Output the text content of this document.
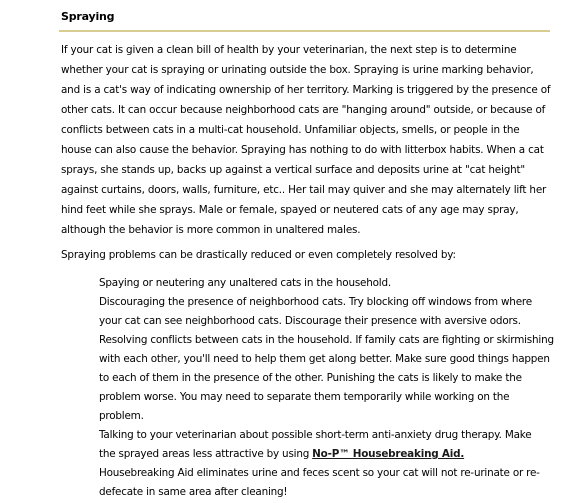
Spraying

If your cat is given a clean bill of health by your veterinarian, the next step is to determine whether your cat is spraying or urinating outside the box. Spraying is urine marking behavior, and is a cat's way of indicating ownership of her territory. Marking is triggered by the presence of other cats. It can occur because neighborhood cats are "hanging around" outside, or because of conflicts between cats in a multi-cat household. Unfamiliar objects, smells, or people in the house can also cause the behavior. Spraying has nothing to do with litterbox habits. When a cat sprays, she stands up, backs up against a vertical surface and deposits urine at "cat height" against curtains, doors, walls, furniture, etc.. Her tail may quiver and she may alternately lift her hind feet while she sprays. Male or female, spayed or neutered cats of any age may spray, although the behavior is more common in unaltered males.

Spraying problems can be drastically reduced or even completely resolved by:

Spaying or neutering any unaltered cats in the household.

Discouraging the presence of neighborhood cats. Try blocking off windows from where your cat can see neighborhood cats. Discourage their presence with aversive odors.

Resolving conflicts between cats in the household. If family cats are fighting or skirmishing with each other, you'll need to help them get along better. Make sure good things happen to each of them in the presence of the other. Punishing the cats is likely to make the problem worse. You may need to separate them temporarily while working on the problem.

Talking to your veterinarian about possible short-term anti-anxiety drug therapy. Make
the sprayed areas less attractive by using No-P™ Housebreaking Aid.

Housebreaking Aid eliminates urine and feces scent so your cat will not re-urinate or re-defecate in same area after cleaning!
